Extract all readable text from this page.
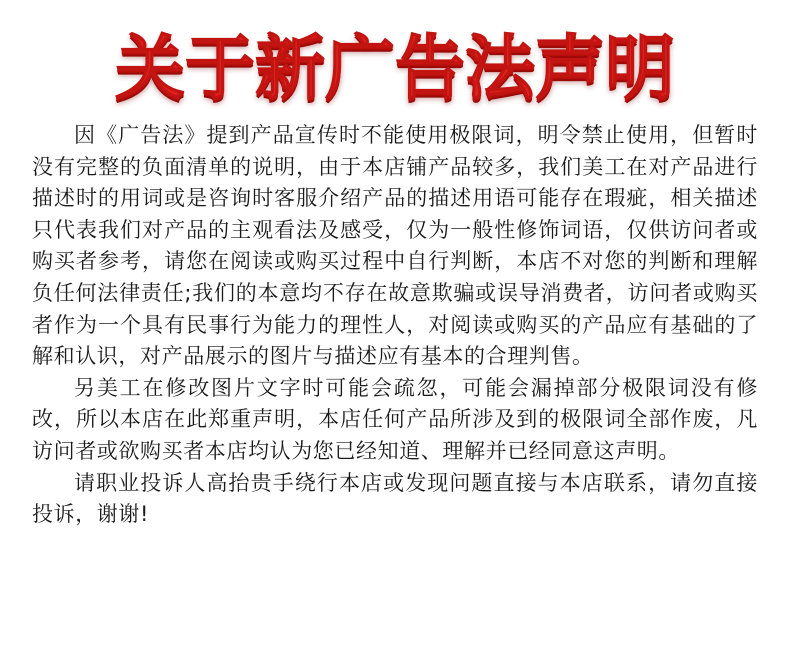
关于新广告法声明

因《广告法》提到产品宣传时不能使用极限词，明令禁止使用，但暂时没有完整的负面清单的说明，由于本店铺产品较多，我们美工在对产品进行描述时的用词或是咨询时客服介绍产品的描述用语可能存在瑕疵，相关描述只代表我们对产品的主观看法及感受，仅为一般性修饰词语，仅供访问者或购买者参考，请您在阅读或购买过程中自行判断，本店不对您的判断和理解负任何法律责任;我们的本意均不存在故意欺骗或误导消费者，访问者或购买者作为一个具有民事行为能力的理性人，对阅读或购买的产品应有基础的了解和认识，对产品展示的图片与描述应有基本的合理判售。

另美工在修改图片文字时可能会疏忽，可能会漏掉部分极限词没有修改，所以本店在此郑重声明，本店任何产品所涉及到的极限词全部作废，凡访问者或欲购买者本店均认为您已经知道、理解并已经同意这声明。

请职业投诉人高抬贵手绕行本店或发现问题直接与本店联系，请勿直接投诉，谢谢!
